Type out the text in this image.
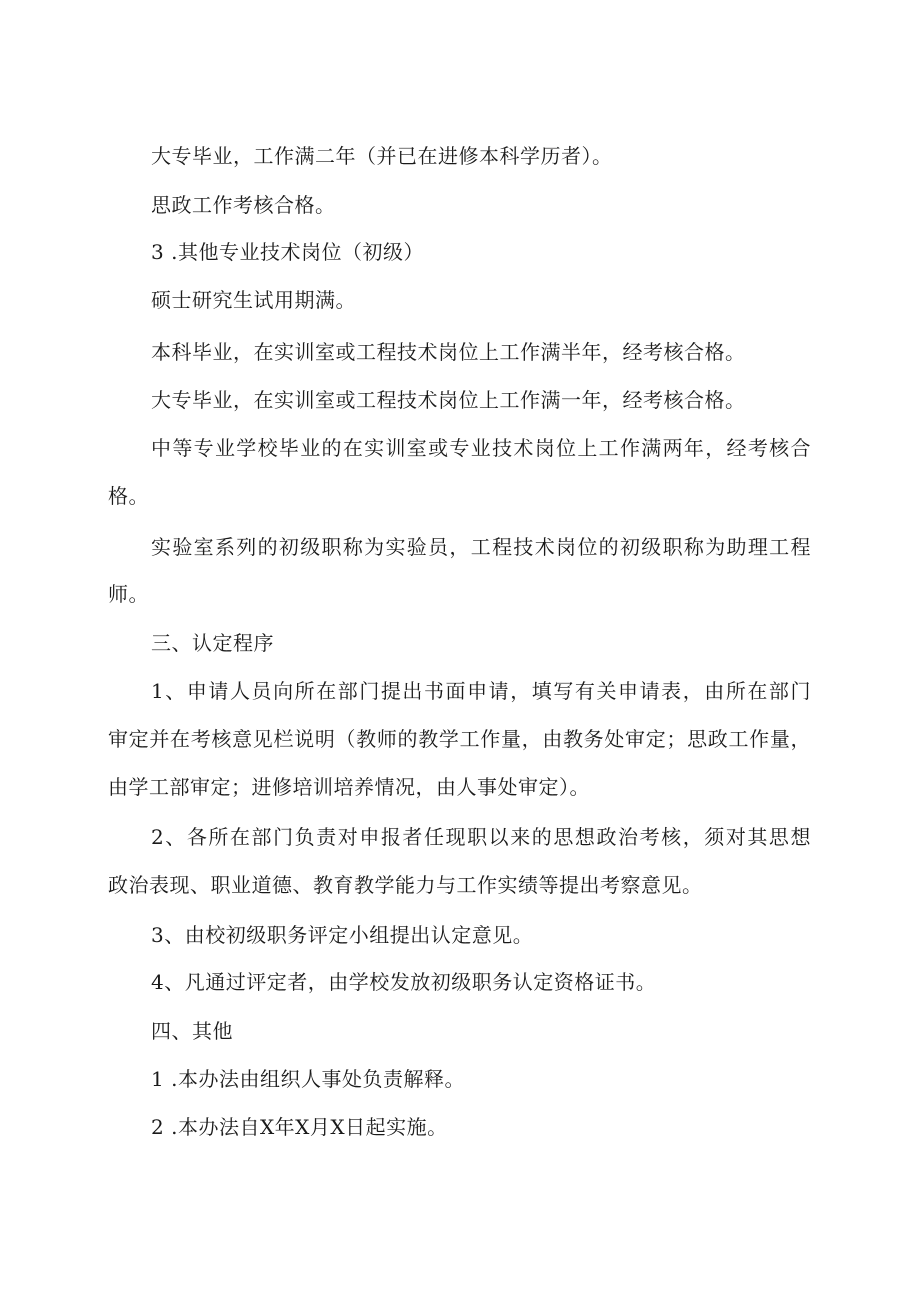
大专毕业，工作满二年（并已在进修本科学历者）。
思政工作考核合格。
3 .其他专业技术岗位（初级）
硕士研究生试用期满。
本科毕业，在实训室或工程技术岗位上工作满半年，经考核合格。
大专毕业，在实训室或工程技术岗位上工作满一年，经考核合格。
中等专业学校毕业的在实训室或专业技术岗位上工作满两年，经考核合
格。
实验室系列的初级职称为实验员，工程技术岗位的初级职称为助理工程
师。
三、认定程序
1、申请人员向所在部门提出书面申请，填写有关申请表，由所在部门
审定并在考核意见栏说明（教师的教学工作量，由教务处审定；思政工作量，
由学工部审定；进修培训培养情况，由人事处审定）。
2、各所在部门负责对申报者任现职以来的思想政治考核，须对其思想
政治表现、职业道德、教育教学能力与工作实绩等提出考察意见。
3、由校初级职务评定小组提出认定意见。
4、凡通过评定者，由学校发放初级职务认定资格证书。
四、其他
1 .本办法由组织人事处负责解释。
2 .本办法自X年X月X日起实施。
